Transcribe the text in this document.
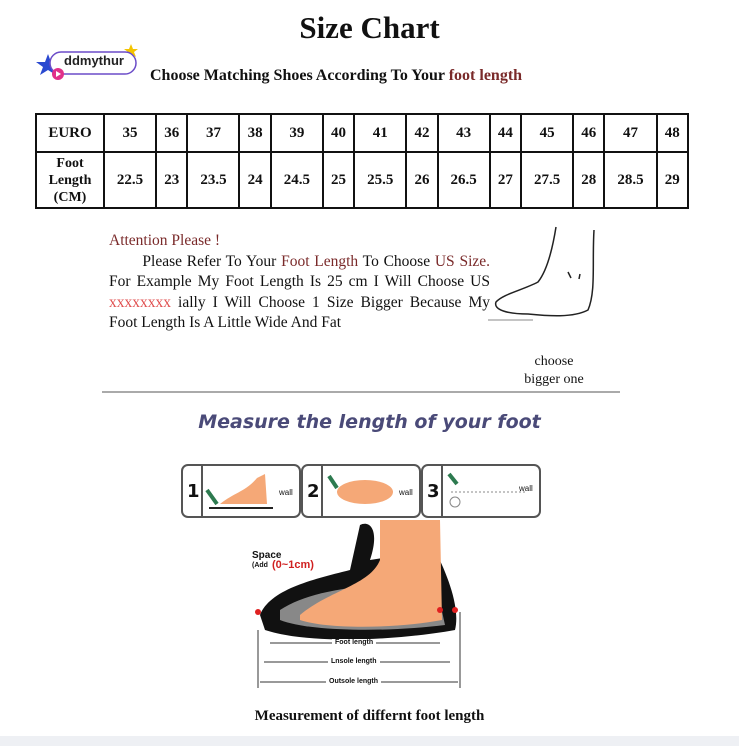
ddmythur
Size Chart
Choose Matching Shoes According To Your foot length
EURO	35	36	37	38	39	40	41	42	43	44	45	46	47	48
Foot
Length
(CM)	22.5	23	23.5	24	24.5	25	25.5	26	26.5	27	27.5	28	28.5	29
Attention Please !
Please Refer To Your Foot Length To Choose US Size. For Example My Foot Length Is 25 cm I Will Choose US xxxxxxxx ially I Will Choose 1 Size Bigger Because My Foot Length Is A Little Wide And Fat
choose
bigger one
Measure the length of your foot
1	wall 2	wall 3	wall
Space
(Add (0~1cm)
Foot length
Lnsole length
Outsole length
Measurement of differnt foot length
